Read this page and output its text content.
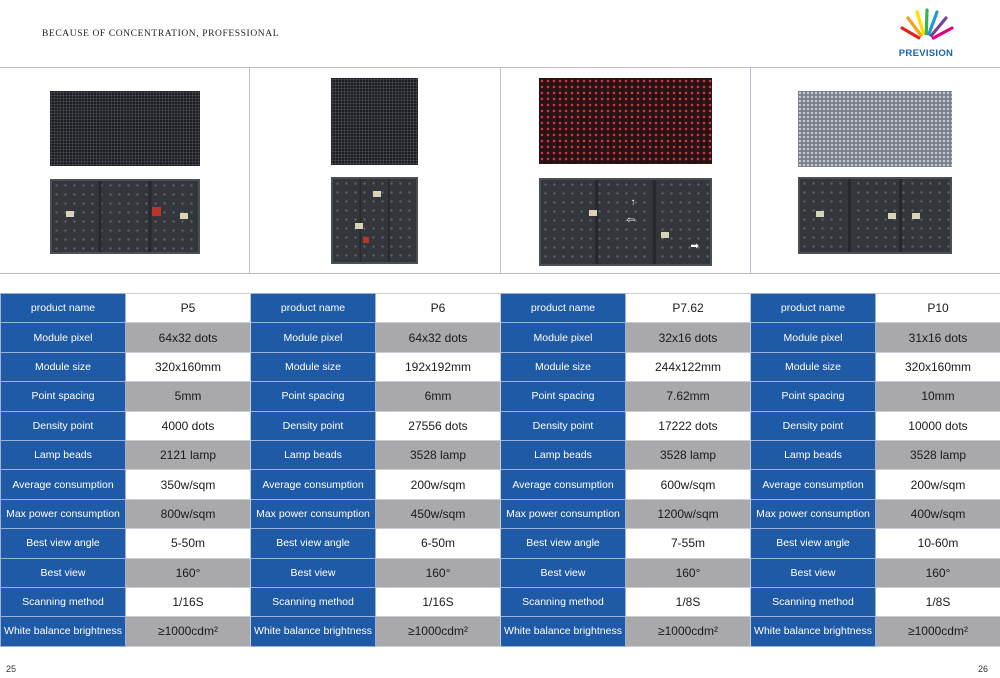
BECAUSE OF CONCENTRATION, PROFESSIONAL
PREVISION
↑
⇦
➡
product name	P5	product name	P6	product name	P7.62	product name	P10
Module pixel	64x32 dots	Module pixel	64x32 dots	Module pixel	32x16 dots	Module pixel	31x16 dots
Module size	320x160mm	Module size	192x192mm	Module size	244x122mm	Module size	320x160mm
Point spacing	5mm	Point spacing	6mm	Point spacing	7.62mm	Point spacing	10mm
Density point	4000 dots	Density point	27556 dots	Density point	17222 dots	Density point	10000 dots
Lamp beads	2121 lamp	Lamp beads	3528 lamp	Lamp beads	3528 lamp	Lamp beads	3528 lamp
Average consumption	350w/sqm	Average consumption	200w/sqm	Average consumption	600w/sqm	Average consumption	200w/sqm
Max power consumption	800w/sqm	Max power consumption	450w/sqm	Max power consumption	1200w/sqm	Max power consumption	400w/sqm
Best view angle	5-50m	Best view angle	6-50m	Best view angle	7-55m	Best view angle	10-60m
Best view	160°	Best view	160°	Best view	160°	Best view	160°
Scanning method	1/16S	Scanning method	1/16S	Scanning method	1/8S	Scanning method	1/8S
White balance brightness	≥1000cdm²	White balance brightness	≥1000cdm²	White balance brightness	≥1000cdm²	White balance brightness	≥1000cdm²
25	26
